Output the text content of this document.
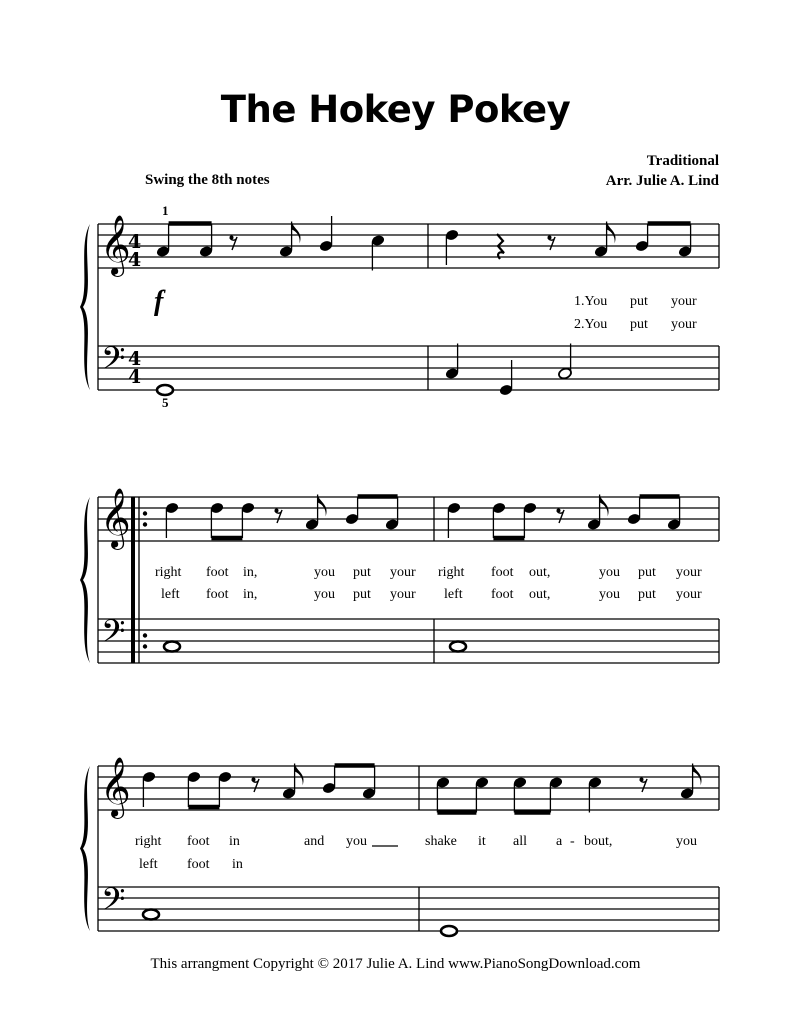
The Hokey Pokey
Traditional
Arr. Julie A. Lind
Swing the 8th notes
𝄞
𝄢
𝄞
𝄢
𝄞
𝄢
4
4
4
4
f
1
5
1.You put your
2.You put your
right foot in,	you put your
left foot in,	you put your
right foot out,	you put your
left foot out,	you put your
right foot in	and you
left foot in
shake it all a - bout,	you
This arrangment Copyright © 2017 Julie A. Lind www.PianoSongDownload.com
